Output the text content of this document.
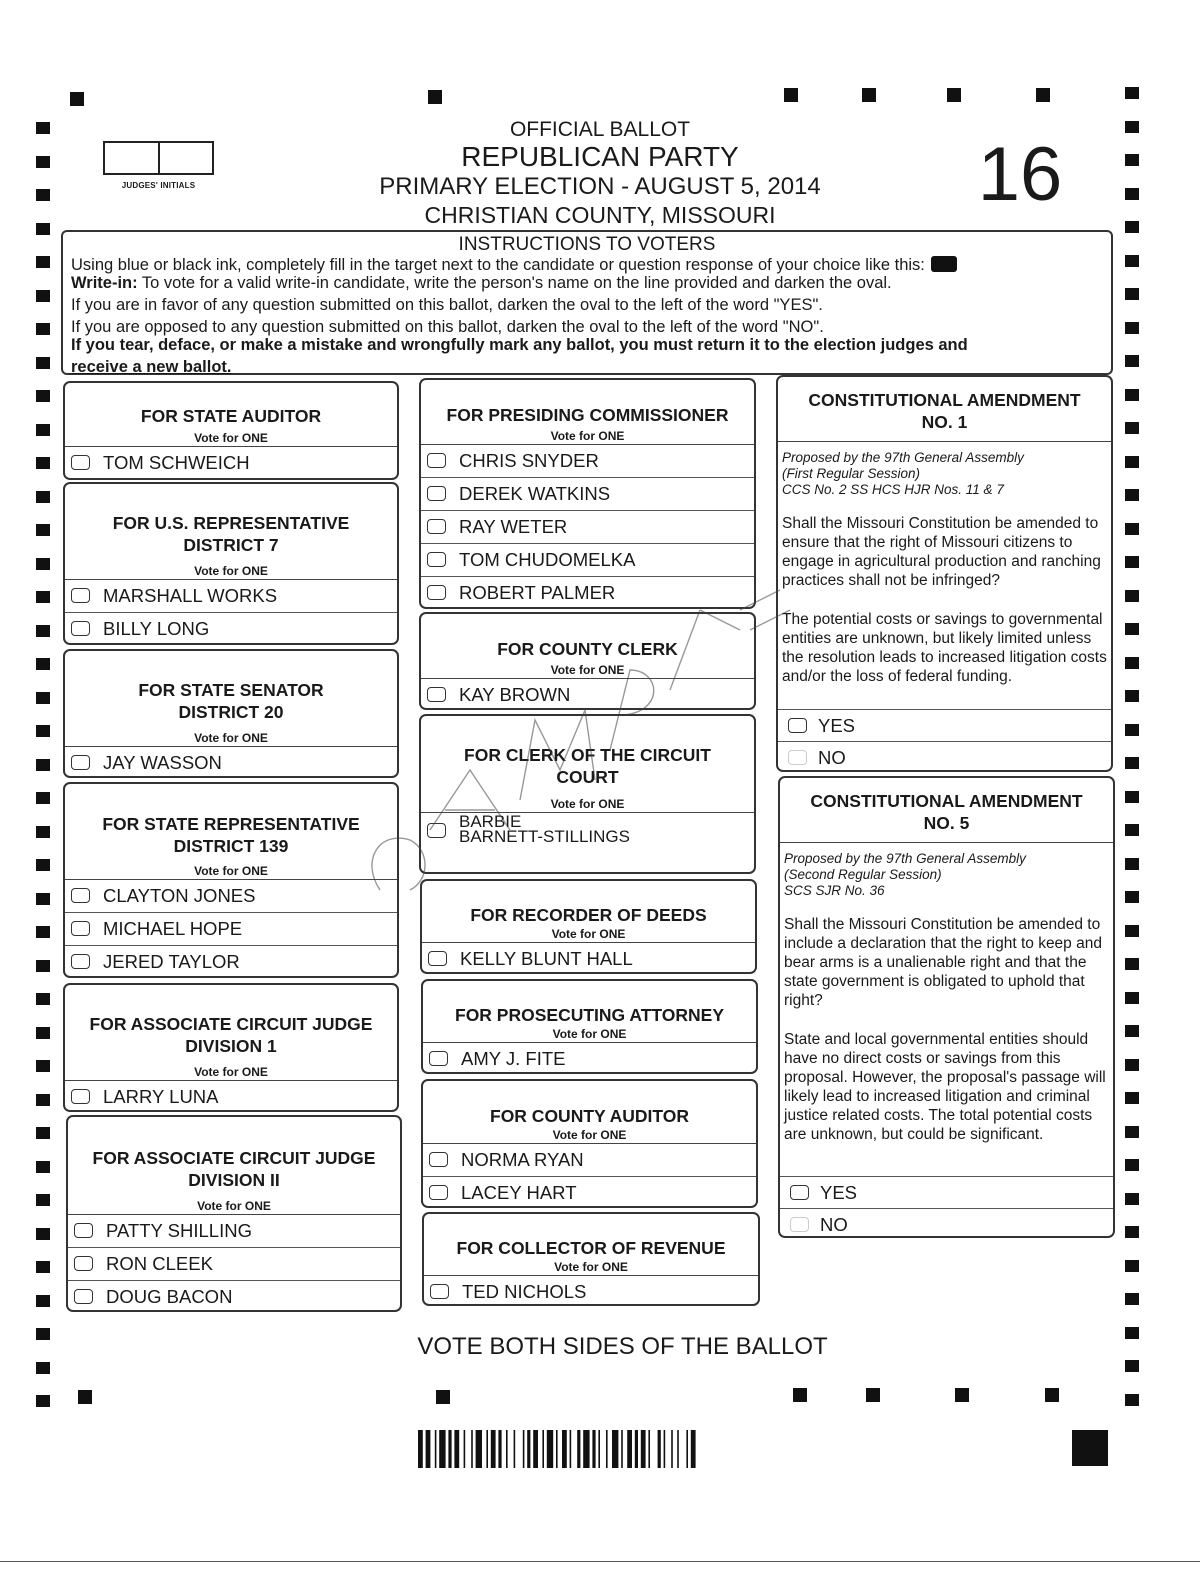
JUDGES' INITIALS
OFFICIAL BALLOT
REPUBLICAN PARTY
PRIMARY ELECTION - AUGUST 5, 2014
CHRISTIAN COUNTY, MISSOURI	16
INSTRUCTIONS TO VOTERS
Using blue or black ink, completely fill in the target next to the candidate or question response of your choice like this:
Write-in: To vote for a valid write-in candidate, write the person's name on the line provided and darken the oval.
If you are in favor of any question submitted on this ballot, darken the oval to the left of the word "YES".
If you are opposed to any question submitted on this ballot, darken the oval to the left of the word "NO".
If you tear, deface, or make a mistake and wrongfully mark any ballot, you must return it to the election judges and
receive a new ballot.
FOR STATE AUDITOR
Vote for ONE
TOM SCHWEICH
FOR U.S. REPRESENTATIVE
DISTRICT 7
Vote for ONE
MARSHALL WORKS
BILLY LONG
FOR STATE SENATOR
DISTRICT 20
Vote for ONE
JAY WASSON
FOR STATE REPRESENTATIVE
DISTRICT 139
Vote for ONE
CLAYTON JONES
MICHAEL HOPE
JERED TAYLOR
FOR ASSOCIATE CIRCUIT JUDGE
DIVISION 1
Vote for ONE
LARRY LUNA
FOR ASSOCIATE CIRCUIT JUDGE
DIVISION II
Vote for ONE
PATTY SHILLING
RON CLEEK
DOUG BACON
FOR PRESIDING COMMISSIONER
Vote for ONE
CHRIS SNYDER
DEREK WATKINS
RAY WETER
TOM CHUDOMELKA
ROBERT PALMER
FOR COUNTY CLERK
Vote for ONE
KAY BROWN
FOR CLERK OF THE CIRCUIT
COURT
Vote for ONE
BARBIE
BARNETT-STILLINGS
FOR RECORDER OF DEEDS
Vote for ONE
KELLY BLUNT HALL
FOR PROSECUTING ATTORNEY
Vote for ONE
AMY J. FITE
FOR COUNTY AUDITOR
Vote for ONE
NORMA RYAN
LACEY HART
FOR COLLECTOR OF REVENUE
Vote for ONE
TED NICHOLS
CONSTITUTIONAL AMENDMENT
NO. 1
Proposed by the 97th General Assembly
(First Regular Session)
CCS No. 2 SS HCS HJR Nos. 11 & 7
Shall the Missouri Constitution be amended to ensure that the right of Missouri citizens to engage in agricultural production and ranching practices shall not be infringed?
The potential costs or savings to governmental entities are unknown, but likely limited unless the resolution leads to increased litigation costs and/or the loss of federal funding.
YES
NO
CONSTITUTIONAL AMENDMENT
NO. 5
Proposed by the 97th General Assembly
(Second Regular Session)
SCS SJR No. 36
Shall the Missouri Constitution be amended to include a declaration that the right to keep and bear arms is a unalienable right and that the state government is obligated to uphold that right?
State and local governmental entities should have no direct costs or savings from this proposal. However, the proposal's passage will likely lead to increased litigation and criminal justice related costs. The total potential costs are unknown, but could be significant.
YES
NO
VOTE BOTH SIDES OF THE BALLOT
